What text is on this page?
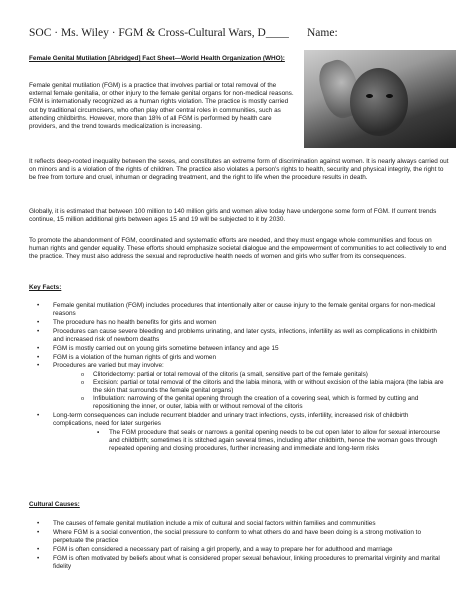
SOC · Ms. Wiley · FGM & Cross-Cultural Wars, D____ Name:
Female Genital Mutilation [Abridged] Fact Sheet—World Health Organization (WHO):

Female genital mutilation (FGM) is a practice that involves partial or total removal of the external female genitalia, or other injury to the female genital organs for non-medical reasons. FGM is internationally recognized as a human rights violation. The practice is mostly carried out by traditional circumcisers, who often play other central roles in communities, such as attending childbirths. However, more than 18% of all FGM is performed by health care providers, and the trend towards medicalization is increasing.

It reflects deep-rooted inequality between the sexes, and constitutes an extreme form of discrimination against women. It is nearly always carried out on minors and is a violation of the rights of children. The practice also violates a person's rights to health, security and physical integrity, the right to be free from torture and cruel, inhuman or degrading treatment, and the right to life when the procedure results in death.

Globally, it is estimated that between 100 million to 140 million girls and women alive today have undergone some form of FGM. If current trends continue, 15 million additional girls between ages 15 and 19 will be subjected to it by 2030.

To promote the abandonment of FGM, coordinated and systematic efforts are needed, and they must engage whole communities and focus on human rights and gender equality. These efforts should emphasize societal dialogue and the empowerment of communities to act collectively to end the practice. They must also address the sexual and reproductive health needs of women and girls who suffer from its consequences.

Key Facts:

• Female genital mutilation (FGM) includes procedures that intentionally alter or cause injury to the female genital organs for non-medical reasons
• The procedure has no health benefits for girls and women
• Procedures can cause severe bleeding and problems urinating, and later cysts, infections, infertility as well as complications in childbirth and increased risk of newborn deaths
• FGM is mostly carried out on young girls sometime between infancy and age 15
• FGM is a violation of the human rights of girls and women
• Procedures are varied but may involve:
o Clitoridectomy: partial or total removal of the clitoris (a small, sensitive part of the female genitals)
o Excision: partial or total removal of the clitoris and the labia minora, with or without excision of the labia majora (the labia are the skin that surrounds the female genital organs)
o Infibulation: narrowing of the genital opening through the creation of a covering seal, which is formed by cutting and repositioning the inner, or outer, labia with or without removal of the clitoris
• Long-term consequences can include recurrent bladder and urinary tract infections, cysts, infertility, increased risk of childbirth complications, need for later surgeries
▪ The FGM procedure that seals or narrows a genital opening needs to be cut open later to allow for sexual intercourse and childbirth; sometimes it is stitched again several times, including after childbirth, hence the woman goes through repeated opening and closing procedures, further increasing and immediate and long-term risks

Cultural Causes:

• The causes of female genital mutilation include a mix of cultural and social factors within families and communities
• Where FGM is a social convention, the social pressure to conform to what others do and have been doing is a strong motivation to perpetuate the practice
• FGM is often considered a necessary part of raising a girl properly, and a way to prepare her for adulthood and marriage
• FGM is often motivated by beliefs about what is considered proper sexual behaviour, linking procedures to premarital virginity and marital fidelity
